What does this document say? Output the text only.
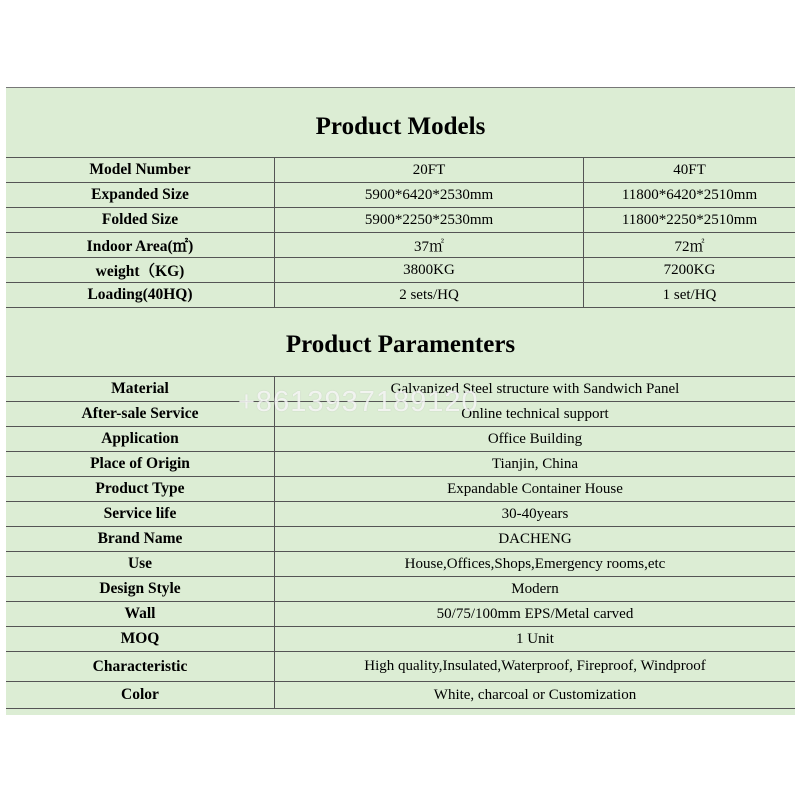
Product Models
Model Number	20FT	40FT
Expanded Size	5900*6420*2530mm	11800*6420*2510mm
Folded Size	5900*2250*2530mm	11800*2250*2510mm
Indoor Area(㎡)	37㎡	72㎡
weight（KG)	3800KG	7200KG
Loading(40HQ)	2 sets/HQ	1 set/HQ
Product Paramenters
Material	Galvanized Steel structure with Sandwich Panel
After-sale Service	Online technical support
Application	Office Building
Place of Origin	Tianjin, China
Product Type	Expandable Container House
Service life	30-40years
Brand Name	DACHENG
Use	House,Offices,Shops,Emergency rooms,etc
Design Style	Modern
Wall	50/75/100mm EPS/Metal carved
MOQ	1 Unit
Characteristic	High quality,Insulated,Waterproof, Fireproof, Windproof
Color	White, charcoal or Customization
+8613937189120
